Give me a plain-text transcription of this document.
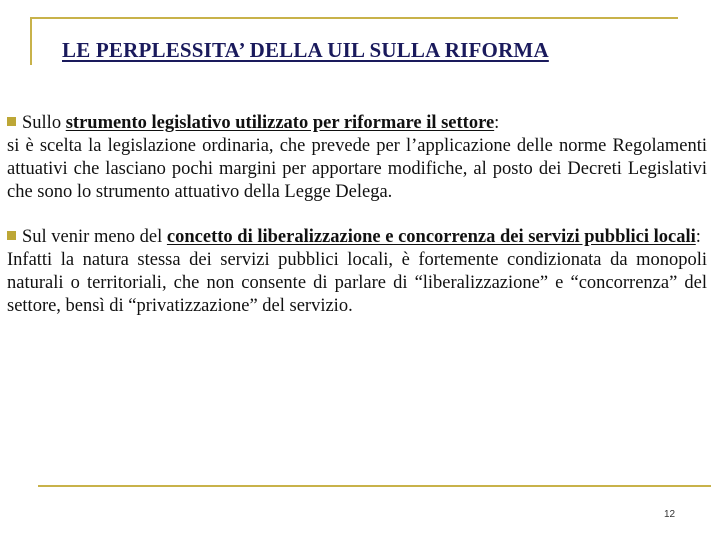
LE PERPLESSITA’ DELLA UIL SULLA RIFORMA
Sullo strumento legislativo utilizzato per riformare il settore:
si è scelta la legislazione ordinaria, che prevede per l’applicazione delle norme Regolamenti attuativi che lasciano pochi margini per apportare modifiche, al posto dei Decreti Legislativi che sono lo strumento attuativo della Legge Delega.
Sul venir meno del concetto di liberalizzazione e concorrenza dei servizi pubblici locali:
Infatti la natura stessa dei servizi pubblici locali, è fortemente condizionata da monopoli naturali o territoriali, che non consente di parlare di “liberalizzazione” e “concorrenza” del settore, bensì di “privatizzazione” del servizio.
12
